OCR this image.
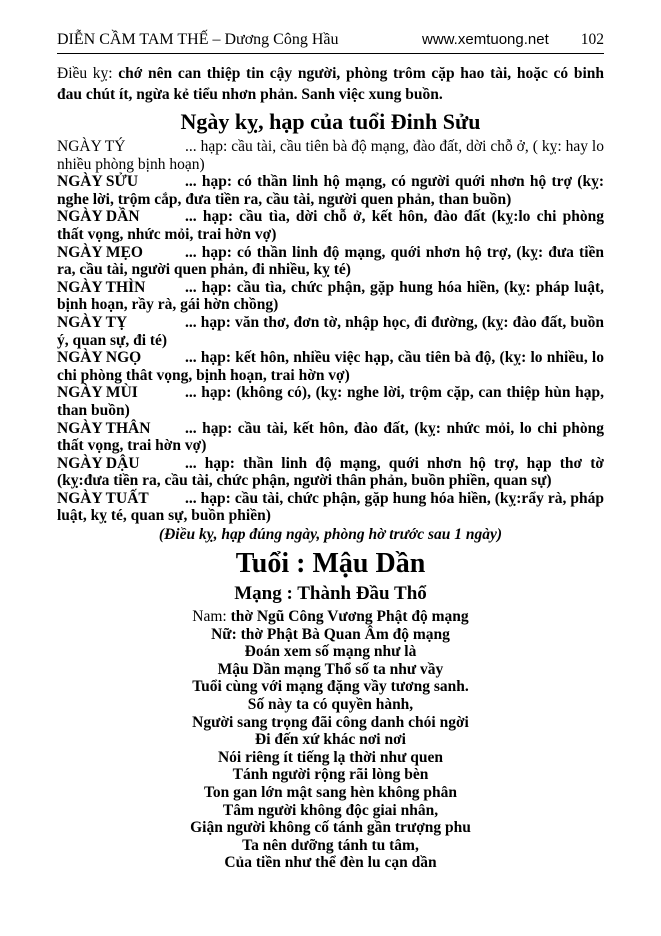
DIỄN CẦM TAM THẾ – Dương Công Hầu	www.xemtuong.net 102

Điều kỵ: chớ nên can thiệp tin cậy người, phòng trôm cặp hao tài, hoặc có binh đau chút ít, ngừa kẻ tiểu nhơn phản. Sanh việc xung buồn.

Ngày kỵ, hạp của tuổi Đinh Sửu

NGÀY TÝ	... hạp: cầu tài, cầu tiên bà độ mạng, đào đất, dời chỗ ở, ( kỵ: hay lo nhiều phòng bịnh hoạn)

NGÀY SỬU	... hạp: có thần linh hộ mạng, có người quới nhơn hộ trợ (kỵ: nghe lời, trộm cắp, đưa tiền ra, cầu tài, người quen phản, than buồn)

NGÀY DẦN	... hạp: cầu tìa, dời chỗ ở, kết hôn, đào đất (kỵ:lo chi phòng thất vọng, nhức mỏi, trai hờn vợ)

NGÀY MẸO	... hạp: có thần linh độ mạng, quới nhơn hộ trợ, (kỵ: đưa tiền ra, cầu tài, người quen phản, đi nhiều, kỵ té)

NGÀY THÌN	... hạp: cầu tìa, chức phận, gặp hung hóa hiền, (kỵ: pháp luật, bịnh hoạn, rầy rà, gái hờn chồng)

NGÀY TỴ	... hạp: văn thơ, đơn tờ, nhập học, đi đường, (kỵ: đào đất, buồn ý, quan sự, đi té)

NGÀY NGỌ	... hạp: kết hôn, nhiều việc hạp, cầu tiên bà độ, (kỵ: lo nhiều, lo chi phòng thât vọng, bịnh hoạn, trai hờn vợ)

NGÀY MÙI	... hạp: (không có), (kỵ: nghe lời, trộm cặp, can thiệp hùn hạp, than buồn)

NGÀY THÂN ... hạp: cầu tài, kết hôn, đào đất, (kỵ: nhức mỏi, lo chi phòng thất vọng, trai hờn vợ)

NGÀY DẬU	... hạp: thần linh độ mạng, quới nhơn hộ trợ, hạp thơ tờ (kỵ:đưa tiền ra, cầu tài, chức phận, người thân phản, buồn phiền, quan sự)

NGÀY TUẤT ... hạp: cầu tài, chức phận, gặp hung hóa hiền, (kỵ:rẩy rà, pháp luật, kỵ té, quan sự, buồn phiền)

(Điều kỵ, hạp đúng ngày, phòng hờ trước sau 1 ngày)
Tuổi : Mậu Dần
Mạng : Thành Đầu Thổ
Nam: thờ Ngũ Công Vương Phật độ mạng
Nữ: thờ Phật Bà Quan Âm độ mạng
Đoán xem số mạng như là
Mậu Dần mạng Thổ số ta như vầy
Tuổi cùng với mạng đặng vầy tương sanh.
Số này ta có quyền hành,
Người sang trọng đãi công danh chói ngời
Đi đến xứ khác nơi nơi
Nói riêng ít tiếng lạ thời như quen
Tánh người rộng rãi lòng bèn
Ton gan lớn mật sang hèn không phân
Tâm người không độc giai nhân,
Giận người không cố tánh gần trượng phu
Ta nên dưỡng tánh tu tâm,
Của tiền như thể đèn lu cạn dần
